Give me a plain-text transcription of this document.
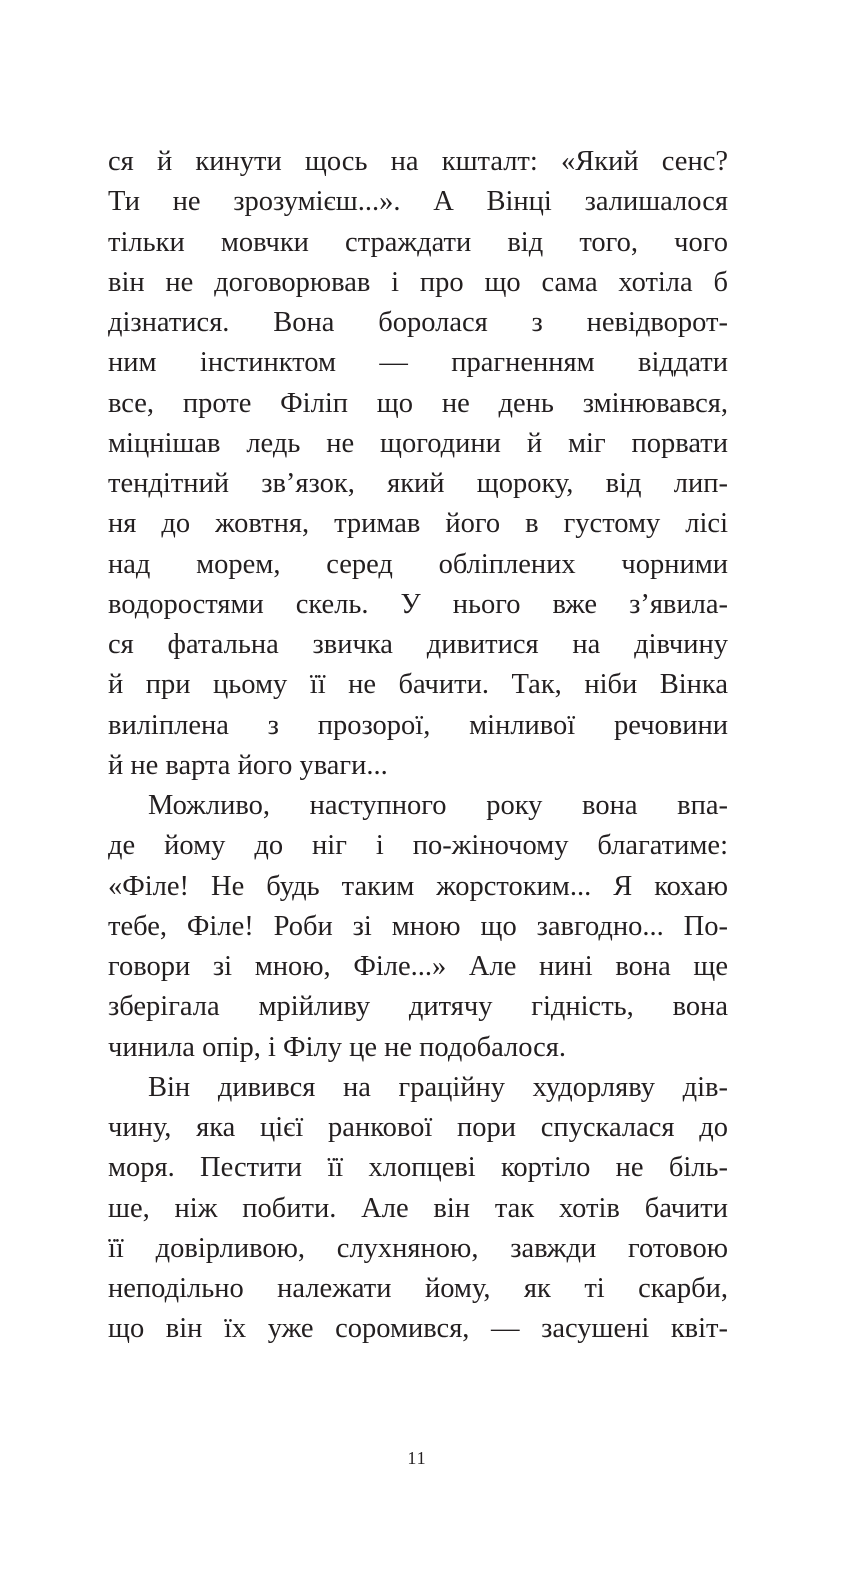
ся й кинути щось на кшталт: «Який сенс?
Ти не зрозумієш...». А Вінці залишалося
тільки мовчки страждати від того, чого
він не договорював і про що сама хотіла б
дізнатися. Вона боролася з невідворот-
ним інстинктом — прагненням віддати
все, проте Філіп що не день змінювався,
міцнішав ледь не щогодини й міг порвати
тендітний зв’язок, який щороку, від лип-
ня до жовтня, тримав його в густому лісі
над морем, серед обліплених чорними
водоростями скель. У нього вже з’явила-
ся фатальна звичка дивитися на дівчину
й при цьому її не бачити. Так, ніби Вінка
виліплена з прозорої, мінливої речовини
й не варта його уваги...
Можливо, наступного року вона впа-
де йому до ніг і по-жіночому благатиме:
«Філе! Не будь таким жорстоким... Я кохаю
тебе, Філе! Роби зі мною що завгодно... По-
говори зі мною, Філе...» Але нині вона ще
зберігала мрійливу дитячу гідність, вона
чинила опір, і Філу це не подобалося.
Він дивився на граційну худорляву дів-
чину, яка цієї ранкової пори спускалася до
моря. Пестити її хлопцеві кортіло не біль-
ше, ніж побити. Але він так хотів бачити
її довірливою, слухняною, завжди готовою
неподільно належати йому, як ті скарби,
що він їх уже соромився, — засушені квіт-
11
